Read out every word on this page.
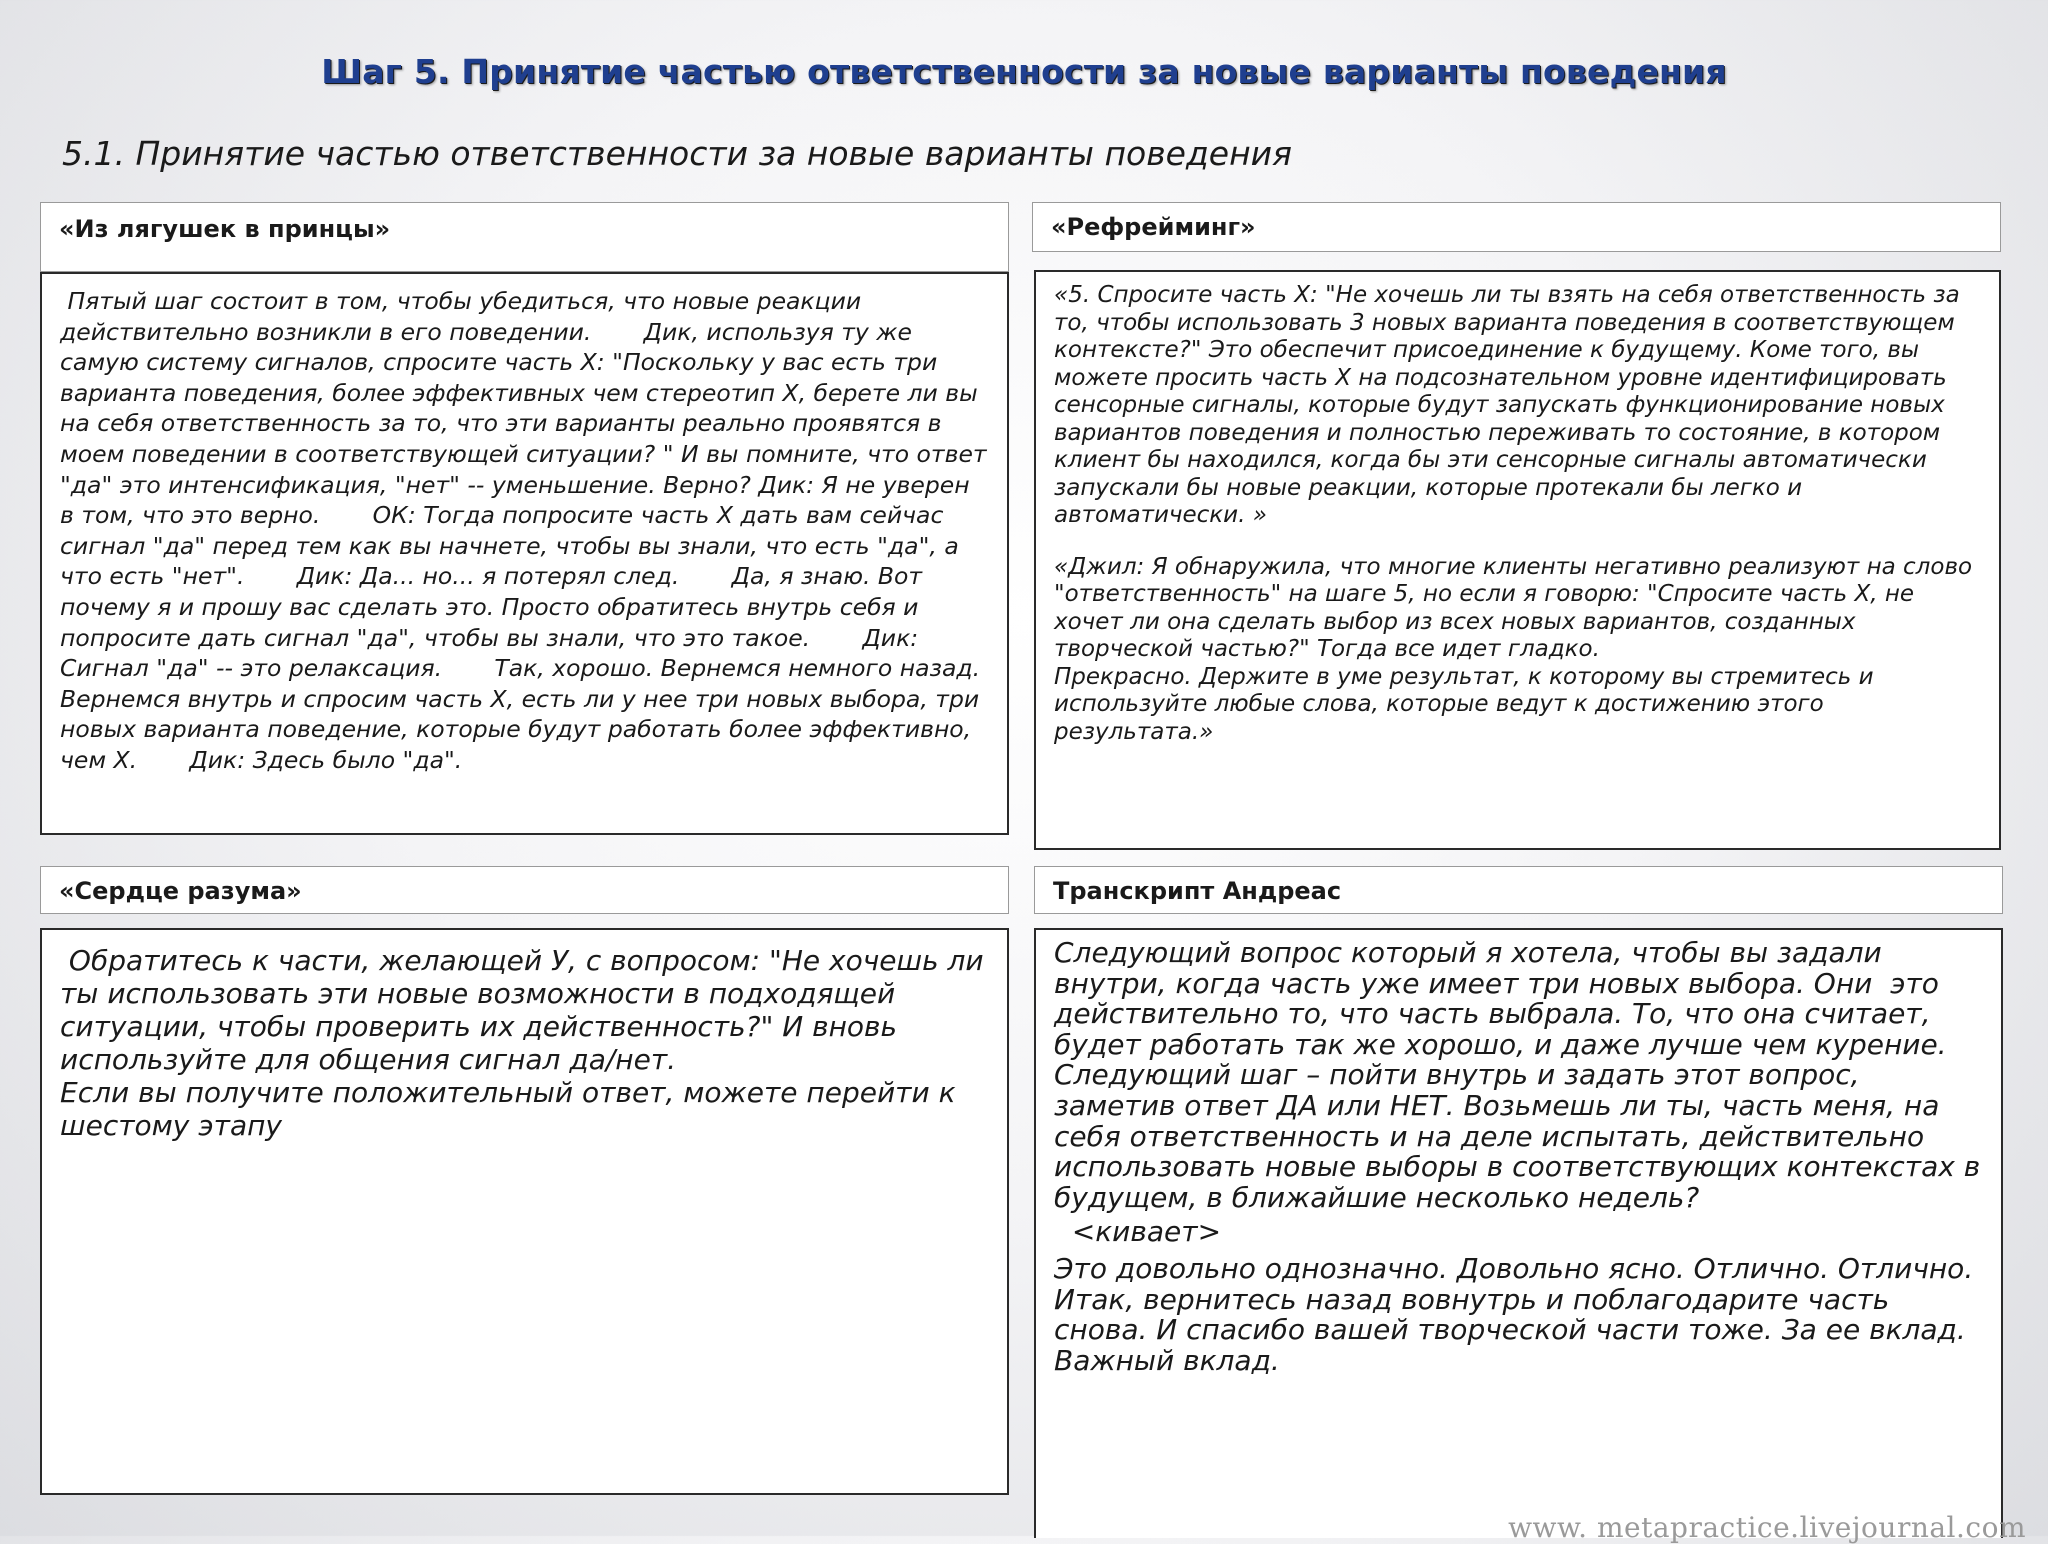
Шаг 5. Принятие частью ответственности за новые варианты поведения
5.1. Принятие частью ответственности за новые варианты поведения
«Из лягушек в принцы»

Пятый шаг состоит в том, чтобы убедиться, что новые реакции действительно возникли в его поведении.       Дик, используя ту же самую систему сигналов, спросите часть Х: "Поскольку у вас есть три варианта поведения, более эффективных чем стереотип Х, берете ли вы на себя ответственность за то, что эти варианты реально проявятся в моем поведении в соответствующей ситуации? " И вы помните, что ответ "да" это интенсификация, "нет" -- уменьшение. Верно? Дик: Я не уверен в том, что это верно.       ОК: Тогда попросите часть Х дать вам сейчас сигнал "да" перед тем как вы начнете, чтобы вы знали, что есть "да", а что есть "нет".       Дик: Да... но... я потерял след.       Да, я знаю. Вот почему я и прошу вас сделать это. Просто обратитесь внутрь себя и попросите дать сигнал "да", чтобы вы знали, что это такое.       Дик: Сигнал "да" -- это релаксация.       Так, хорошо. Вернемся немного назад. Вернемся внутрь и спросим часть Х, есть ли у нее три новых выбора, три новых варианта поведение, которые будут работать более эффективно, чем Х.       Дик: Здесь было "да".

«Рефрейминг»

«5. Спросите часть X: "Не хочешь ли ты взять на себя ответственность за то, чтобы использовать 3 новых варианта поведения в соответствующем контексте?" Это обеспечит присоединение к будущему. Коме того, вы можете просить часть X на подсознательном уровне идентифицировать сенсорные сигналы, которые будут запускать функционирование новых вариантов поведения и полностью переживать то состояние, в котором клиент бы находился, когда бы эти сенсорные сигналы автоматически запускали бы новые реакции, которые протекали бы легко и автоматически. »

«Джил: Я обнаружила, что многие клиенты негативно реализуют на слово "ответственность" на шаге 5, но если я говорю: "Спросите часть X, не хочет ли она сделать выбор из всех новых вариантов, созданных творческой частью?" Тогда все идет гладко.

Прекрасно. Держите в уме результат, к которому вы стремитесь и используйте любые слова, которые ведут к достижению этого результата.»

«Сердце разума»

Обратитесь к части, желающей У, с вопросом: "Не хочешь ли ты использовать эти новые возможности в подходящей ситуации, чтобы проверить их действенность?" И вновь используйте для общения сигнал да/нет.

Если вы получите положительный ответ, можете перейти к шестому этапу

Транскрипт Андреас

Следующий вопрос который я хотела, чтобы вы задали внутри, когда часть уже имеет три новых выбора. Они  это действительно то, что часть выбрала. То, что она считает, будет работать так же хорошо, и даже лучше чем курение. Следующий шаг – пойти внутрь и задать этот вопрос, заметив ответ ДА или НЕТ. Возьмешь ли ты, часть меня, на себя ответственность и на деле испытать, действительно использовать новые выборы в соответствующих контекстах в будущем, в ближайшие несколько недель?

<кивает>

Это довольно однозначно. Довольно ясно. Отлично. Отлично. Итак, вернитесь назад вовнутрь и поблагодарите часть снова. И спасибо вашей творческой части тоже. За ее вклад. Важный вклад.

www. metapractice.livejournal.com
